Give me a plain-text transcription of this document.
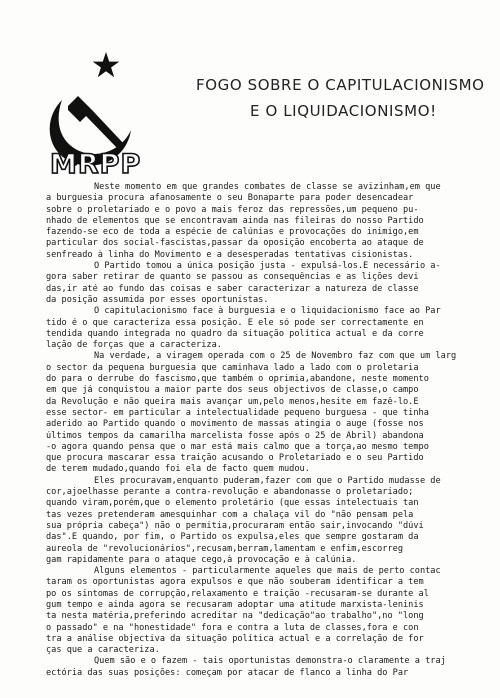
MRPP
FOGO SOBRE O CAPITULACIONISMO
E O LIQUIDACIONISMO!
Neste momento em que grandes combates de classe se avizinham,em que
a burguesia procura afanosamente o seu Bonaparte para poder desencadear
sobre o proletariado e o povo a mais feroz das repressões,um pequeno pu-
nhado de elementos que se encontravam ainda nas fileiras do nosso Partido
fazendo-se eco de toda a espécie de calúnias e provocações do inimigo,em
particular dos social-fascistas,passar da oposição encoberta ao ataque de
senfreado à linha do Movimento e a desesperadas tentativas cisionistas.
O Partido tomou a única posição justa - expulsá-los.É necessário a-
gora saber retirar de quanto se passou as consequências e as lições devi
das,ir até ao fundo das coisas e saber caracterizar a natureza de classe
da posição assumida por esses oportunistas.
O capitulacionismo face à burguesia e o liquidacionismo face ao Par
tido é o que caracteriza essa posição. E ele só pode ser correctamente en
tendida quando integrada no quadro da situação política actual e da corre
lação de forças que a caracteriza.
Na verdade, a viragem operada com o 25 de Novembro faz com que um larg
o sector da pequena burguesia que caminhava lado a lado com o proletaria
do para o derrube do fascismo,que também o oprimia,abandone, neste momento
em que já conquistou a maior parte dos seus objectivos de classe,o campo
da Revolução e não queira mais avançar um,pelo menos,hesite em fazê-lo.É
esse sector- em particular a intelectualidade pequeno burguesa - que tinha
aderido ao Partido quando o movimento de massas atingia o auge (fosse nos
últimos tempos da camarilha marcelista fosse após o 25 de Abril) abandona
-o agora quando pensa que o mar está mais calmo que a torça,ao mesmo tempo
que procura mascarar essa traição acusando o Proletariado e o seu Partido
de terem mudado,quando foi ela de facto quem mudou.
Eles procuravam,enquanto puderam,fazer com que o Partido mudasse de
cor,ajoelhasse perante a contra-revolução e abandonasse o proletariado;
quando viram,porém,que o elemento proletário (que essas intelectuais tan
tas vezes pretenderam amesquinhar com a chalaça vil do "não pensam pela
sua própria cabeça") não o permitia,procuraram então sair,invocando "dúvi
das".É quando, por fim, o Partido os expulsa,eles que sempre gostaram da
aureola de "revolucionários",recusam,berram,lamentam e enfim,escorreg
gam rapidamente para o ataque cego,à provocação e à calúnia.
Alguns elementos - particularmente aqueles que mais de perto contac
taram os oportunistas agora expulsos e que não souberam identificar a tem
po os sintomas de corrupção,relaxamento e traição -recusaram-se durante al
gum tempo e ainda agora se recusaram adoptar uma atitude marxista-leninis
ta nesta matéria,preferindo acreditar na "dedicação"ao trabalho",no "long
o passado" e na "honestidade" fora e contra a luta de classes,fora e con
tra a análise objectiva da situação política actual e a correlação de for
ças que a caracteriza.
Quem são e o fazem - tais oportunistas demonstra-o claramente a traj
ectória das suas posições: começam por atacar de flanco a linha do Par
